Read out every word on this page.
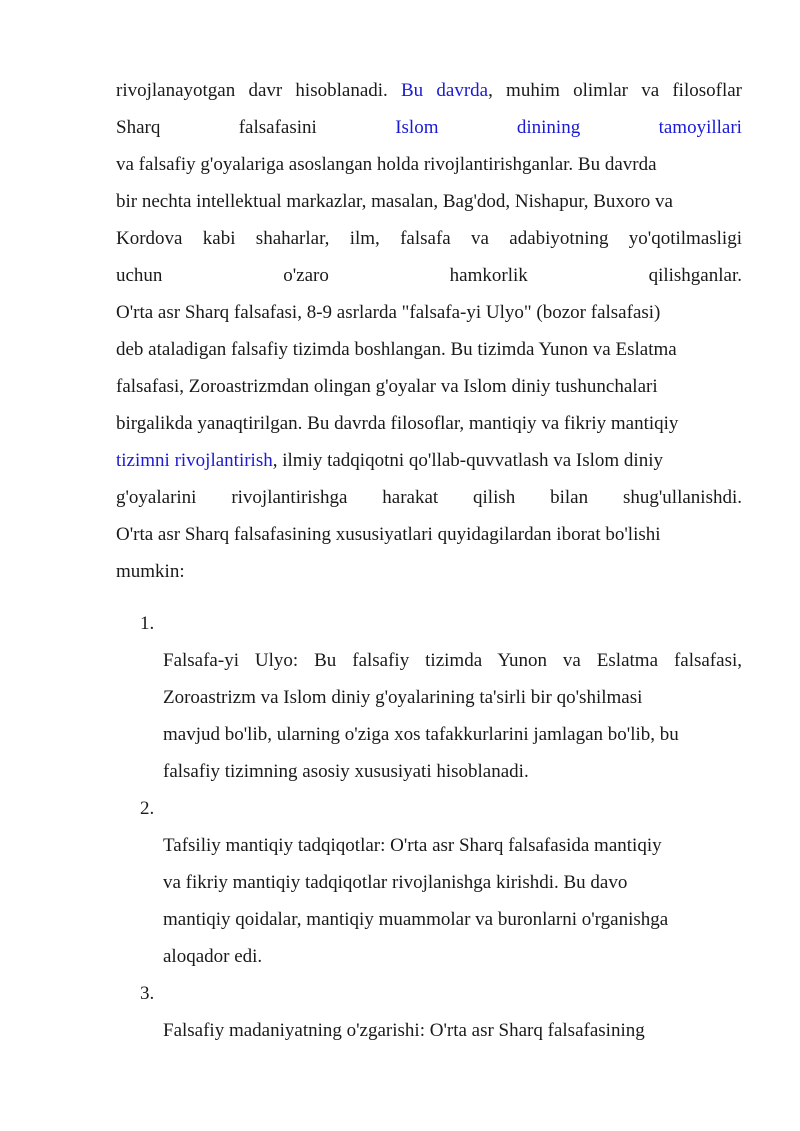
rivojlanayotgan davr hisoblanadi. Bu davrda, muhim olimlar va filosoflar
Sharq	falsafasini	Islom	dinining	tamoyillari
va falsafiy g'oyalariga asoslangan holda rivojlantirishganlar. Bu davrda
bir nechta intellektual markazlar, masalan, Bag'dod, Nishapur, Buxoro va
Kordova kabi shaharlar, ilm, falsafa va adabiyotning yo'qotilmasligi
uchun	o'zaro	hamkorlik	qilishganlar.
O'rta asr Sharq falsafasi, 8-9 asrlarda "falsafa-yi Ulyo" (bozor falsafasi)
deb ataladigan falsafiy tizimda boshlangan. Bu tizimda Yunon va Eslatma
falsafasi, Zoroastrizmdan olingan g'oyalar va Islom diniy tushunchalari
birgalikda yanaqtirilgan. Bu davrda filosoflar, mantiqiy va fikriy mantiqiy
tizimni rivojlantirish, ilmiy tadqiqotni qo'llab-quvvatlash va Islom diniy
g'oyalarini rivojlantirishga harakat qilish bilan shug'ullanishdi.
O'rta asr Sharq falsafasining xususiyatlari quyidagilardan iborat bo'lishi
mumkin:
1.
Falsafa-yi Ulyo: Bu falsafiy tizimda Yunon va Eslatma falsafasi,
Zoroastrizm va Islom diniy g'oyalarining ta'sirli bir qo'shilmasi
mavjud bo'lib, ularning o'ziga xos tafakkurlarini jamlagan bo'lib, bu
falsafiy tizimning asosiy xususiyati hisoblanadi.
2.
Tafsiliy mantiqiy tadqiqotlar: O'rta asr Sharq falsafasida mantiqiy
va fikriy mantiqiy tadqiqotlar rivojlanishga kirishdi. Bu davo
mantiqiy qoidalar, mantiqiy muammolar va buronlarni o'rganishga
aloqador edi.
3.
Falsafiy madaniyatning o'zgarishi: O'rta asr Sharq falsafasining
